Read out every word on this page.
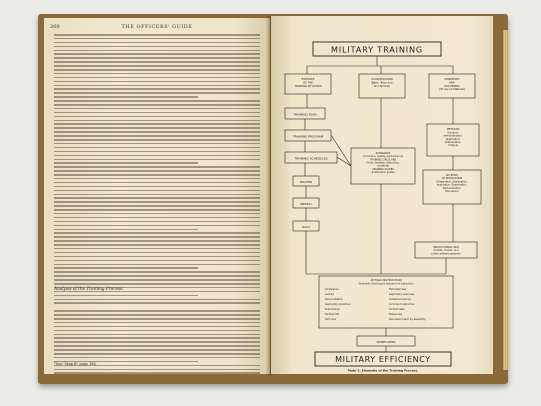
200	THE OFFICERS' GUIDE
Analysis of the Training Process.
*See "Map B" page 186.
MILITARY TRAINING
ESTIMATE OF THE TRAINING SITUATION
CLASSIFICATION (Basic, Technical, and Tactical)
PRINCIPLES AND DOCTRINES (Of men & Material)
TRAINING PLAN
TRAINING PROGRAM
TRAINING SCHEDULES
MASTER
WEEKLY
DAILY
STANDARDS (Condition, quality, performance) TRAINING CIRCULARS (Time, facilities, instruction, incidents) TRAINING GUIDES (Instructors' guide)
METHODS (Lecture, demonstration, application, examination, critique)
SIX STEPS OF INSTRUCTION (Preparation, Explanation, Application, Examination, Demonstration, Discussion)
INSTRUCTIONAL AIDS (Charts, models, and public address systems)
ACTUAL INSTRUCTION
(Desirable of training for the period of instruction)
Conference
Lecture
Demonstration
Application (practice)
Examination
Tactical test
Unit Quiz
Field exercises
Application exercises
Collective training
Command instruction
Tactical tests
Maneuvers
Discussion (each by assembly)
MANEUVERS
MILITARY EFFICIENCY
Plate 5. Elements of the Training Process.
